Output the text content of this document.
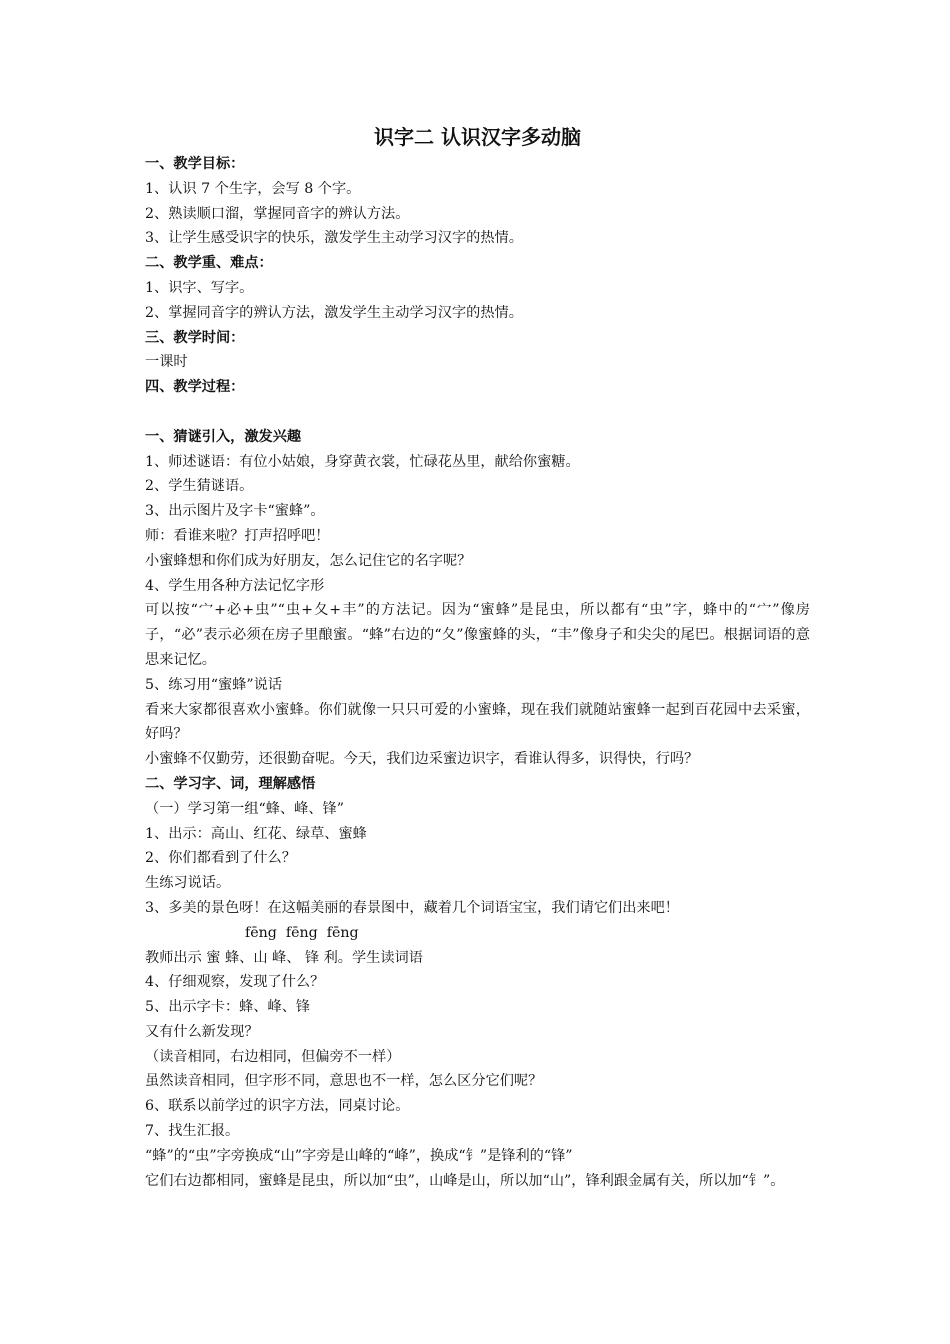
识字二 认识汉字多动脑
一、教学目标：
1、认识 7 个生字，会写 8 个字。
2、熟读顺口溜，掌握同音字的辨认方法。
3、让学生感受识字的快乐，激发学生主动学习汉字的热情。
二、教学重、难点：
1、识字、写字。
2、掌握同音字的辨认方法，激发学生主动学习汉字的热情。
三、教学时间：
一课时
四、教学过程：
一、猜谜引入，激发兴趣
1、师述谜语：有位小姑娘，身穿黄衣裳，忙碌花丛里，献给你蜜糖。
2、学生猜谜语。
3、出示图片及字卡“蜜蜂”。
师：看谁来啦？打声招呼吧！
小蜜蜂想和你们成为好朋友，怎么记住它的名字呢？
4、学生用各种方法记忆字形
可以按“宀+必+虫”“虫+夂+丰”的方法记。因为“蜜蜂”是昆虫，所以都有“虫”字，蜂中的“宀”像房子，“必”表示必须在房子里酿蜜。“蜂”右边的“夂”像蜜蜂的头，“丰”像身子和尖尖的尾巴。根据词语的意思来记忆。
5、练习用“蜜蜂”说话
看来大家都很喜欢小蜜蜂。你们就像一只只可爱的小蜜蜂，现在我们就随站蜜蜂一起到百花园中去采蜜，好吗？
小蜜蜂不仅勤劳，还很勤奋呢。今天，我们边采蜜边识字，看谁认得多，识得快，行吗？
二、学习字、词，理解感悟
（一）学习第一组“蜂、峰、锋”
1、出示：高山、红花、绿草、蜜蜂
2、你们都看到了什么？
生练习说话。
3、多美的景色呀！在这幅美丽的春景图中，藏着几个词语宝宝，我们请它们出来吧！
fēng  fēng  fēng
教师出示 蜜 蜂、山 峰、 锋 利。学生读词语
4、仔细观察，发现了什么？
5、出示字卡：蜂、峰、锋
又有什么新发现？
（读音相同，右边相同，但偏旁不一样）
虽然读音相同，但字形不同，意思也不一样，怎么区分它们呢？
6、联系以前学过的识字方法，同桌讨论。
7、找生汇报。
“蜂”的“虫”字旁换成“山”字旁是山峰的“峰”，换成“钅”是锋利的“锋”
它们右边都相同，蜜蜂是昆虫，所以加“虫”，山峰是山，所以加“山”，锋利跟金属有关，所以加“钅”。
